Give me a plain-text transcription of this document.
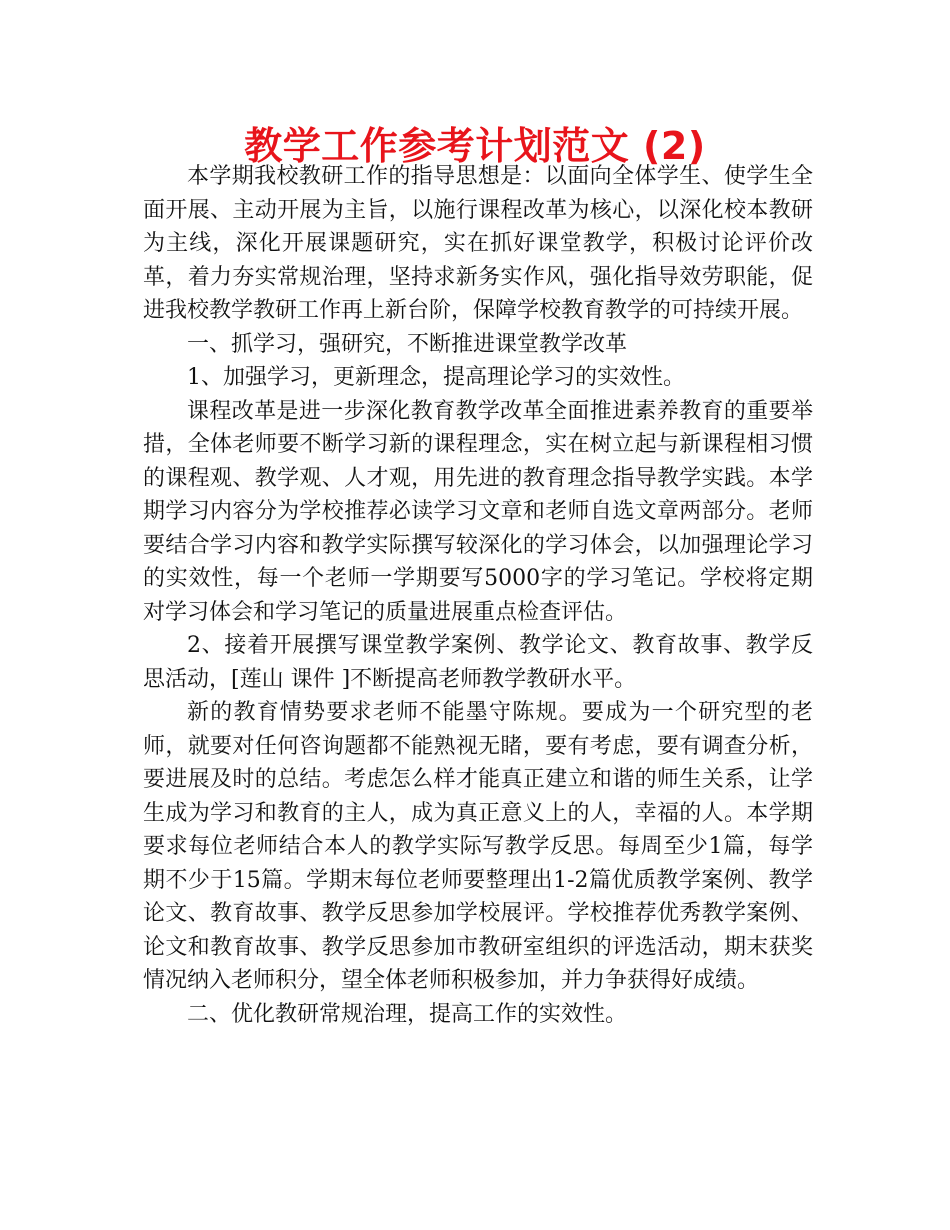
教学工作参考计划范文 (2)

本学期我校教研工作的指导思想是：以面向全体学生、使学生全面开展、主动开展为主旨，以施行课程改革为核心，以深化校本教研为主线，深化开展课题研究，实在抓好课堂教学，积极讨论评价改革，着力夯实常规治理，坚持求新务实作风，强化指导效劳职能，促进我校教学教研工作再上新台阶，保障学校教育教学的可持续开展。

一、抓学习，强研究，不断推进课堂教学改革

1、加强学习，更新理念，提高理论学习的实效性。

课程改革是进一步深化教育教学改革全面推进素养教育的重要举措，全体老师要不断学习新的课程理念，实在树立起与新课程相习惯的课程观、教学观、人才观，用先进的教育理念指导教学实践。本学期学习内容分为学校推荐必读学习文章和老师自选文章两部分。老师要结合学习内容和教学实际撰写较深化的学习体会，以加强理论学习的实效性，每一个老师一学期要写5000字的学习笔记。学校将定期对学习体会和学习笔记的质量进展重点检查评估。

2、接着开展撰写课堂教学案例、教学论文、教育故事、教学反思活动，[莲山 课件 ]不断提高老师教学教研水平。

新的教育情势要求老师不能墨守陈规。要成为一个研究型的老师，就要对任何咨询题都不能熟视无睹，要有考虑，要有调查分析，要进展及时的总结。考虑怎么样才能真正建立和谐的师生关系，让学生成为学习和教育的主人，成为真正意义上的人，幸福的人。本学期要求每位老师结合本人的教学实际写教学反思。每周至少1篇，每学期不少于15篇。学期末每位老师要整理出1-2篇优质教学案例、教学论文、教育故事、教学反思参加学校展评。学校推荐优秀教学案例、论文和教育故事、教学反思参加市教研室组织的评选活动，期末获奖情况纳入老师积分，望全体老师积极参加，并力争获得好成绩。

二、优化教研常规治理，提高工作的实效性。
